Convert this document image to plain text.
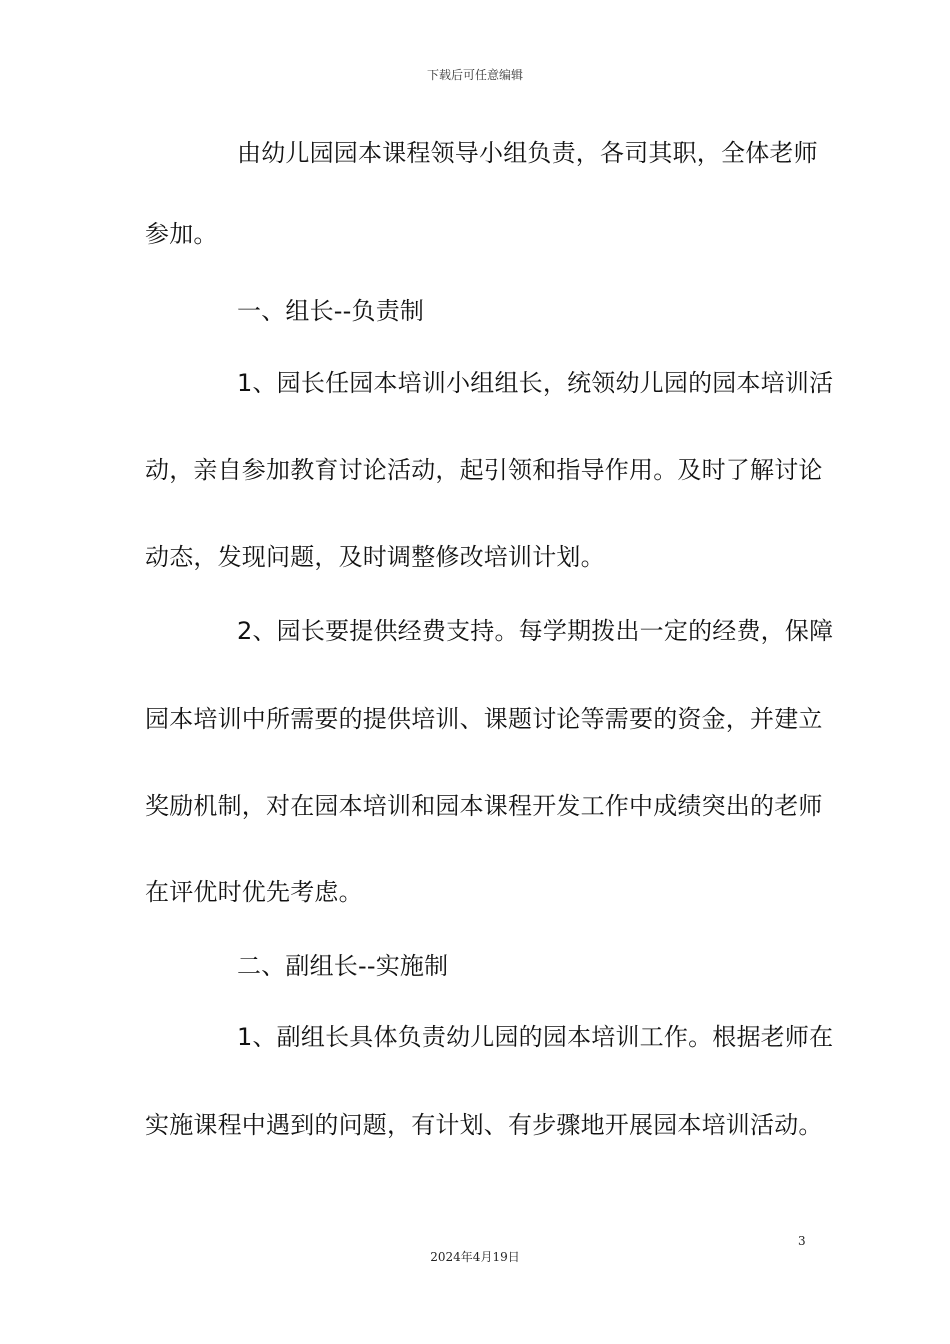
下载后可任意编辑
由幼儿园园本课程领导小组负责，各司其职，全体老师
参加。
一、组长--负责制
1、园长任园本培训小组组长，统领幼儿园的园本培训活
动，亲自参加教育讨论活动，起引领和指导作用。及时了解讨论
动态，发现问题，及时调整修改培训计划。
2、园长要提供经费支持。每学期拨出一定的经费，保障
园本培训中所需要的提供培训、课题讨论等需要的资金，并建立
奖励机制，对在园本培训和园本课程开发工作中成绩突出的老师
在评优时优先考虑。
二、副组长--实施制
1、副组长具体负责幼儿园的园本培训工作。根据老师在
实施课程中遇到的问题，有计划、有步骤地开展园本培训活动。
3
2024年4月19日
